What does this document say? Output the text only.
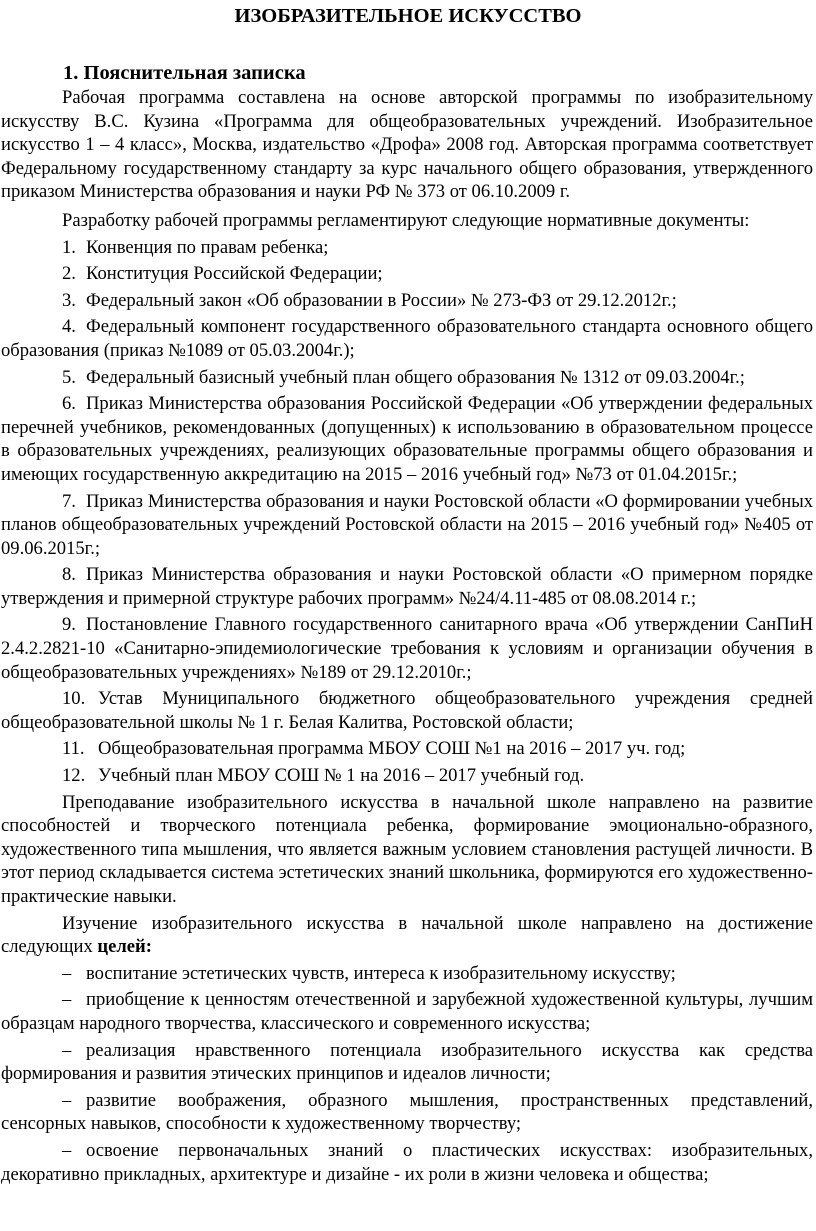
ИЗОБРАЗИТЕЛЬНОЕ ИСКУССТВО
1. Пояснительная записка

Рабочая программа составлена на основе авторской программы по изобразительному искусству В.С. Кузина «Программа для общеобразовательных учреждений. Изобразительное искусство 1 – 4 класс», Москва, издательство «Дрофа» 2008 год. Авторская программа соответствует Федеральному государственному стандарту за курс начального общего образования, утвержденного приказом Министерства образования и науки РФ № 373 от 06.10.2009 г.

Разработку рабочей программы регламентируют следующие нормативные документы:

1. Конвенция по правам ребенка;

2. Конституция Российской Федерации;

3. Федеральный закон «Об образовании в России» № 273-ФЗ от 29.12.2012г.;

4. Федеральный компонент государственного образовательного стандарта основного общего образования (приказ №1089 от 05.03.2004г.);

5. Федеральный базисный учебный план общего образования № 1312 от 09.03.2004г.;

6. Приказ Министерства образования Российской Федерации «Об утверждении федеральных перечней учебников, рекомендованных (допущенных) к использованию в образовательном процессе в образовательных учреждениях, реализующих образовательные программы общего образования и имеющих государственную аккредитацию на 2015 – 2016 учебный год» №73 от 01.04.2015г.;

7. Приказ Министерства образования и науки Ростовской области «О формировании учебных планов общеобразовательных учреждений Ростовской области на 2015 – 2016 учебный год» №405 от 09.06.2015г.;

8. Приказ Министерства образования и науки Ростовской области «О примерном порядке утверждения и примерной структуре рабочих программ» №24/4.11-485 от 08.08.2014 г.;

9. Постановление Главного государственного санитарного врача «Об утверждении СанПиН 2.4.2.2821-10 «Санитарно-эпидемиологические требования к условиям и организации обучения в общеобразовательных учреждениях» №189 от 29.12.2010г.;

10. Устав Муниципального бюджетного общеобразовательного учреждения средней общеобразовательной школы № 1 г. Белая Калитва, Ростовской области;

11. Общеобразовательная программа МБОУ СОШ №1 на 2016 – 2017 уч. год;

12. Учебный план МБОУ СОШ № 1 на 2016 – 2017 учебный год.

Преподавание изобразительного искусства в начальной школе направлено на развитие способностей и творческого потенциала ребенка, формирование эмоционально-образного, художественного типа мышления, что является важным условием становления растущей личности. В этот период складывается система эстетических знаний школьника, формируются его художественно-практические навыки.

Изучение изобразительного искусства в начальной школе направлено на достижение следующих целей:

– воспитание эстетических чувств, интереса к изобразительному искусству;

– приобщение к ценностям отечественной и зарубежной художественной культуры, лучшим образцам народного творчества, классического и современного искусства;

– реализация нравственного потенциала изобразительного искусства как средства формирования и развития этических принципов и идеалов личности;

– развитие воображения, образного мышления, пространственных представлений, сенсорных навыков, способности к художественному творчеству;

– освоение первоначальных знаний о пластических искусствах: изобразительных, декоративно прикладных, архитектуре и дизайне - их роли в жизни человека и общества;
